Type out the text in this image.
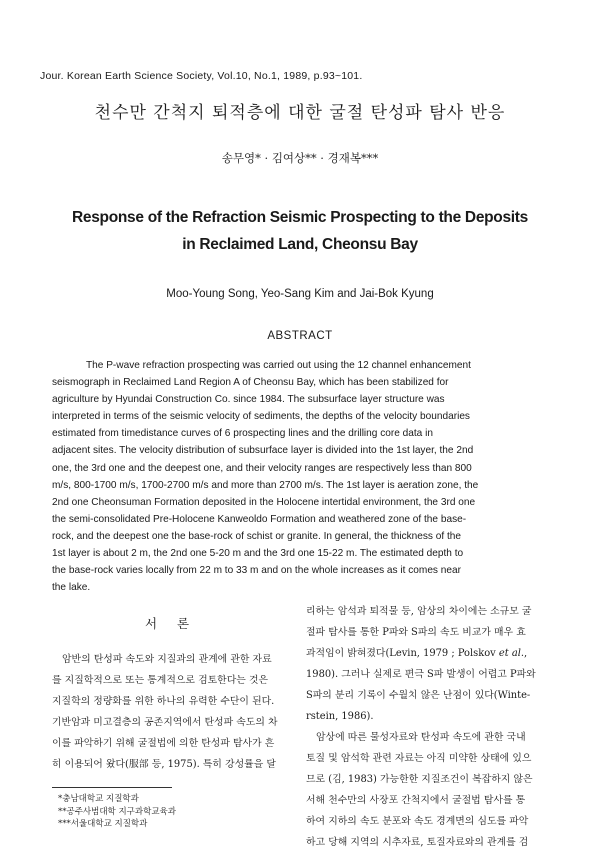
Jour. Korean Earth Science Society, Vol.10, No.1, 1989, p.93~101.
천수만 간척지 퇴적층에 대한 굴절 탄성파 탐사 반응
송무영* · 김여상** · 경재복***
Response of the Refraction Seismic Prospecting to the Deposits
in Reclaimed Land, Cheonsu Bay
Moo-Young Song, Yeo-Sang Kim and Jai-Bok Kyung
ABSTRACT
The P-wave refraction prospecting was carried out using the 12 channel enhancement
seismograph in Reclaimed Land Region A of Cheonsu Bay, which has been stabilized for
agriculture by Hyundai Construction Co. since 1984. The subsurface layer structure was
interpreted in terms of the seismic velocity of sediments, the depths of the velocity boundaries
estimated from timedistance curves of 6 prospecting lines and the drilling core data in
adjacent sites. The velocity distribution of subsurface layer is divided into the 1st layer, the 2nd
one, the 3rd one and the deepest one, and their velocity ranges are respectively less than 800
m/s, 800-1700 m/s, 1700-2700 m/s and more than 2700 m/s. The 1st layer is aeration zone, the
2nd one Cheonsuman Formation deposited in the Holocene intertidal environment, the 3rd one
the semi-consolidated Pre-Holocene Kanweoldo Formation and weathered zone of the base-
rock, and the deepest one the base-rock of schist or granite. In general, the thickness of the
1st layer is about 2 m, the 2nd one 5-20 m and the 3rd one 15-22 m. The estimated depth to
the base-rock varies locally from 22 m to 33 m and on the whole increases as it comes near
the lake.
서 론
암반의 탄성파 속도와 지질과의 관계에 관한 자료
를 지질학적으로 또는 통계적으로 검토한다는 것은
지질학의 정량화를 위한 하나의 유력한 수단이 된다.
기반암과 미고결층의 공존지역에서 탄성파 속도의 차
이를 파악하기 위해 굴절법에 의한 탄성파 탐사가 흔
히 이용되어 왔다(服部 등, 1975). 특히 강성률을 달
리하는 암석과 퇴적물 등, 암상의 차이에는 소규모 굴
절파 탐사를 통한 P파와 S파의 속도 비교가 매우 효
과적임이 밝혀졌다(Levin, 1979 ; Polskov et al.,
1980). 그러나 실제로 편극 S파 발생이 어렵고 P파와
S파의 분리 기록이 수월치 않은 난점이 있다(Winte-
rstein, 1986).
암상에 따른 물성자료와 탄성파 속도에 관한 국내
토질 및 암석학 관련 자료는 아직 미약한 상태에 있으
므로 (김, 1983) 가능한한 지질조건이 복잡하지 않은
서해 천수만의 사장포 간척지에서 굴절법 탐사를 통
하여 지하의 속도 분포와 속도 경계면의 심도를 파악
하고 당해 지역의 시추자료, 토질자료와의 관계를 검
*충남대학교 지질학과
**공주사범대학 지구과학교육과
***서울대학교 지질학과
